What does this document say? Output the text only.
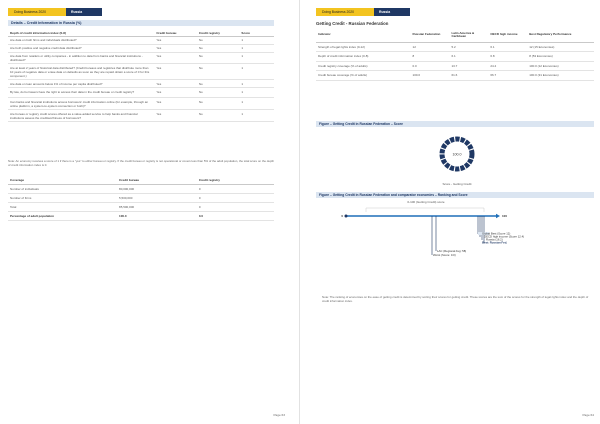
Doing Business 2020	Russia
Details – Credit Information in Russia (%)
Depth of credit information index (0-8)	Credit bureau	Credit registry	Score
Are data on both firms and individuals distributed?	Yes	No	1
Are both positive and negative credit data distributed?	Yes	No	1
Are data from retailers or utility companies - in addition to data from banks and financial institutions - distributed?	Yes	No	1
Are at least 2 years of historical data distributed? (Credit bureaus and registries that distribute more than 10 years of negative data or erase data on defaults as soon as they are repaid obtain a score of 0 for this component.)	Yes	No	1
Are data on loan amounts below 1% of income per capita distributed?	Yes	No	1
By law, do borrowers have the right to access their data in the credit bureau or credit registry?	Yes	No	1
Can banks and financial institutions access borrowers' credit information online (for example, through an online platform, a system-to-system connection or both)?	Yes	No	1
Are bureau or registry credit scores offered as a value-added service to help banks and financial institutions assess the creditworthiness of borrowers?	Yes	No	1
Note: An economy receives a score of 1 if there is a "yes" to either bureau or registry. If the credit bureau or registry is not operational or covers less than 5% of the adult population, the total score on the depth of credit information index is 0.
Coverage	Credit bureau	Credit registry
Number of individuals	80,000,000	0
Number of firms	5,500,000	0
Total	85,500,000	0
Percentage of adult population	100.0	0.0
Page 63
Doing Business 2020	Russia
Getting Credit - Russian Federation
Indicator	Russian Federation	Latin America & Caribbean	OECD high income	Best Regulatory Performance
Strength of legal rights index (0-12)	12	5.2	6.1	12 (15 Economies)
Depth of credit information index (0-8)	8	6.1	6.8	8 (53 Economies)
Credit registry coverage (% of adults)	0.0	13.7	24.4	100.0 (12 Economies)
Credit bureau coverage (% of adults)	100.0	61.6	66.7	100.0 (31 Economies)
Figure – Getting Credit in Russian Federation – Score
100.0
Score - Getting Credit
Figure – Getting Credit in Russian Federation and comparator economies – Ranking and Score
0-100 (Getting Credit) score
0	100
Global Best (Score 12)
OECD high income (Score 12.4)
Russia (16.2)
Best: Russian Fed.
LAC (Regional Avg: 58)
Worst (Score: 0.0)
Note: The ranking of economies on the ease of getting credit is determined by sorting their scores for getting credit. These scores are the sum of the scores for the strength of legal rights index and the depth of credit information index.
Page 64
